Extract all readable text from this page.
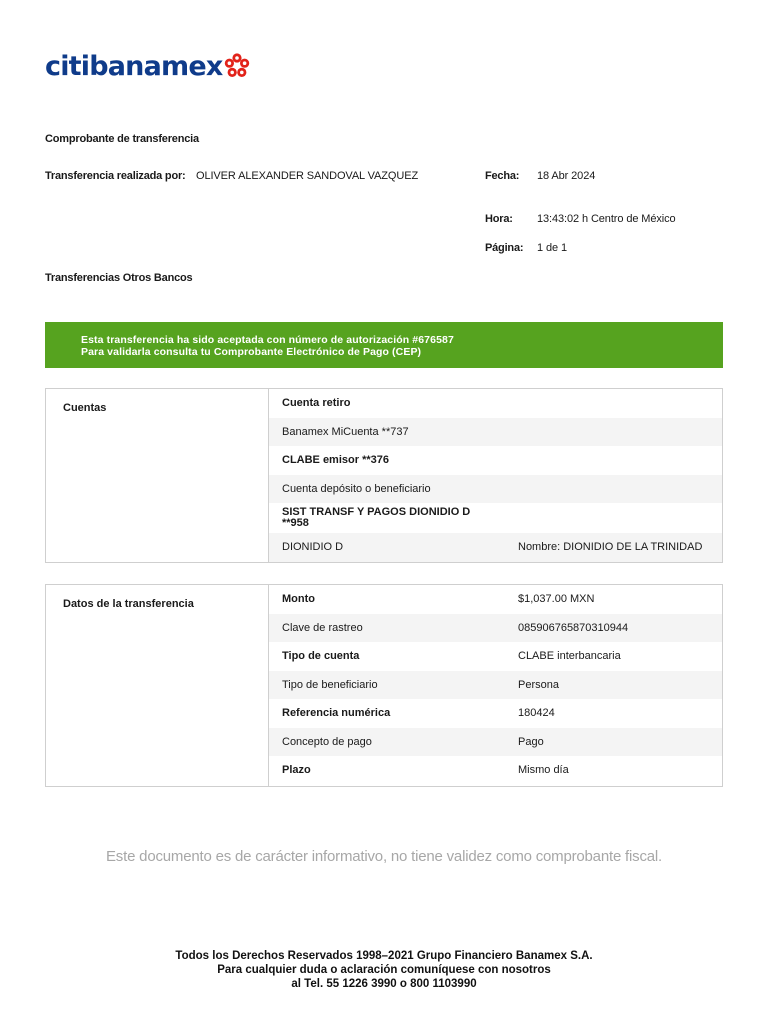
citibanamex
Comprobante de transferencia
Transferencia realizada por: OLIVER ALEXANDER SANDOVAL VAZQUEZ	Fecha: 18 Abr 2024
Hora: 13:43:02 h Centro de México
Página: 1 de 1
Transferencias Otros Bancos
Esta transferencia ha sido aceptada con número de autorización #676587
Para validarla consulta tu Comprobante Electrónico de Pago (CEP)
Cuentas	Cuenta retiro
Banamex MiCuenta **737
CLABE emisor **376
Cuenta depósito o beneficiario
SIST TRANSF Y PAGOS DIONIDIO D **958
DIONIDIO D	Nombre: DIONIDIO DE LA TRINIDAD
Datos de la transferencia	Monto	$1,037.00 MXN
Clave de rastreo	085906765870310944
Tipo de cuenta	CLABE interbancaria
Tipo de beneficiario	Persona
Referencia numérica	180424
Concepto de pago	Pago
Plazo	Mismo día
Este documento es de carácter informativo, no tiene validez como comprobante fiscal.
Todos los Derechos Reservados 1998–2021 Grupo Financiero Banamex S.A.
Para cualquier duda o aclaración comuníquese con nosotros
al Tel. 55 1226 3990 o 800 1103990
